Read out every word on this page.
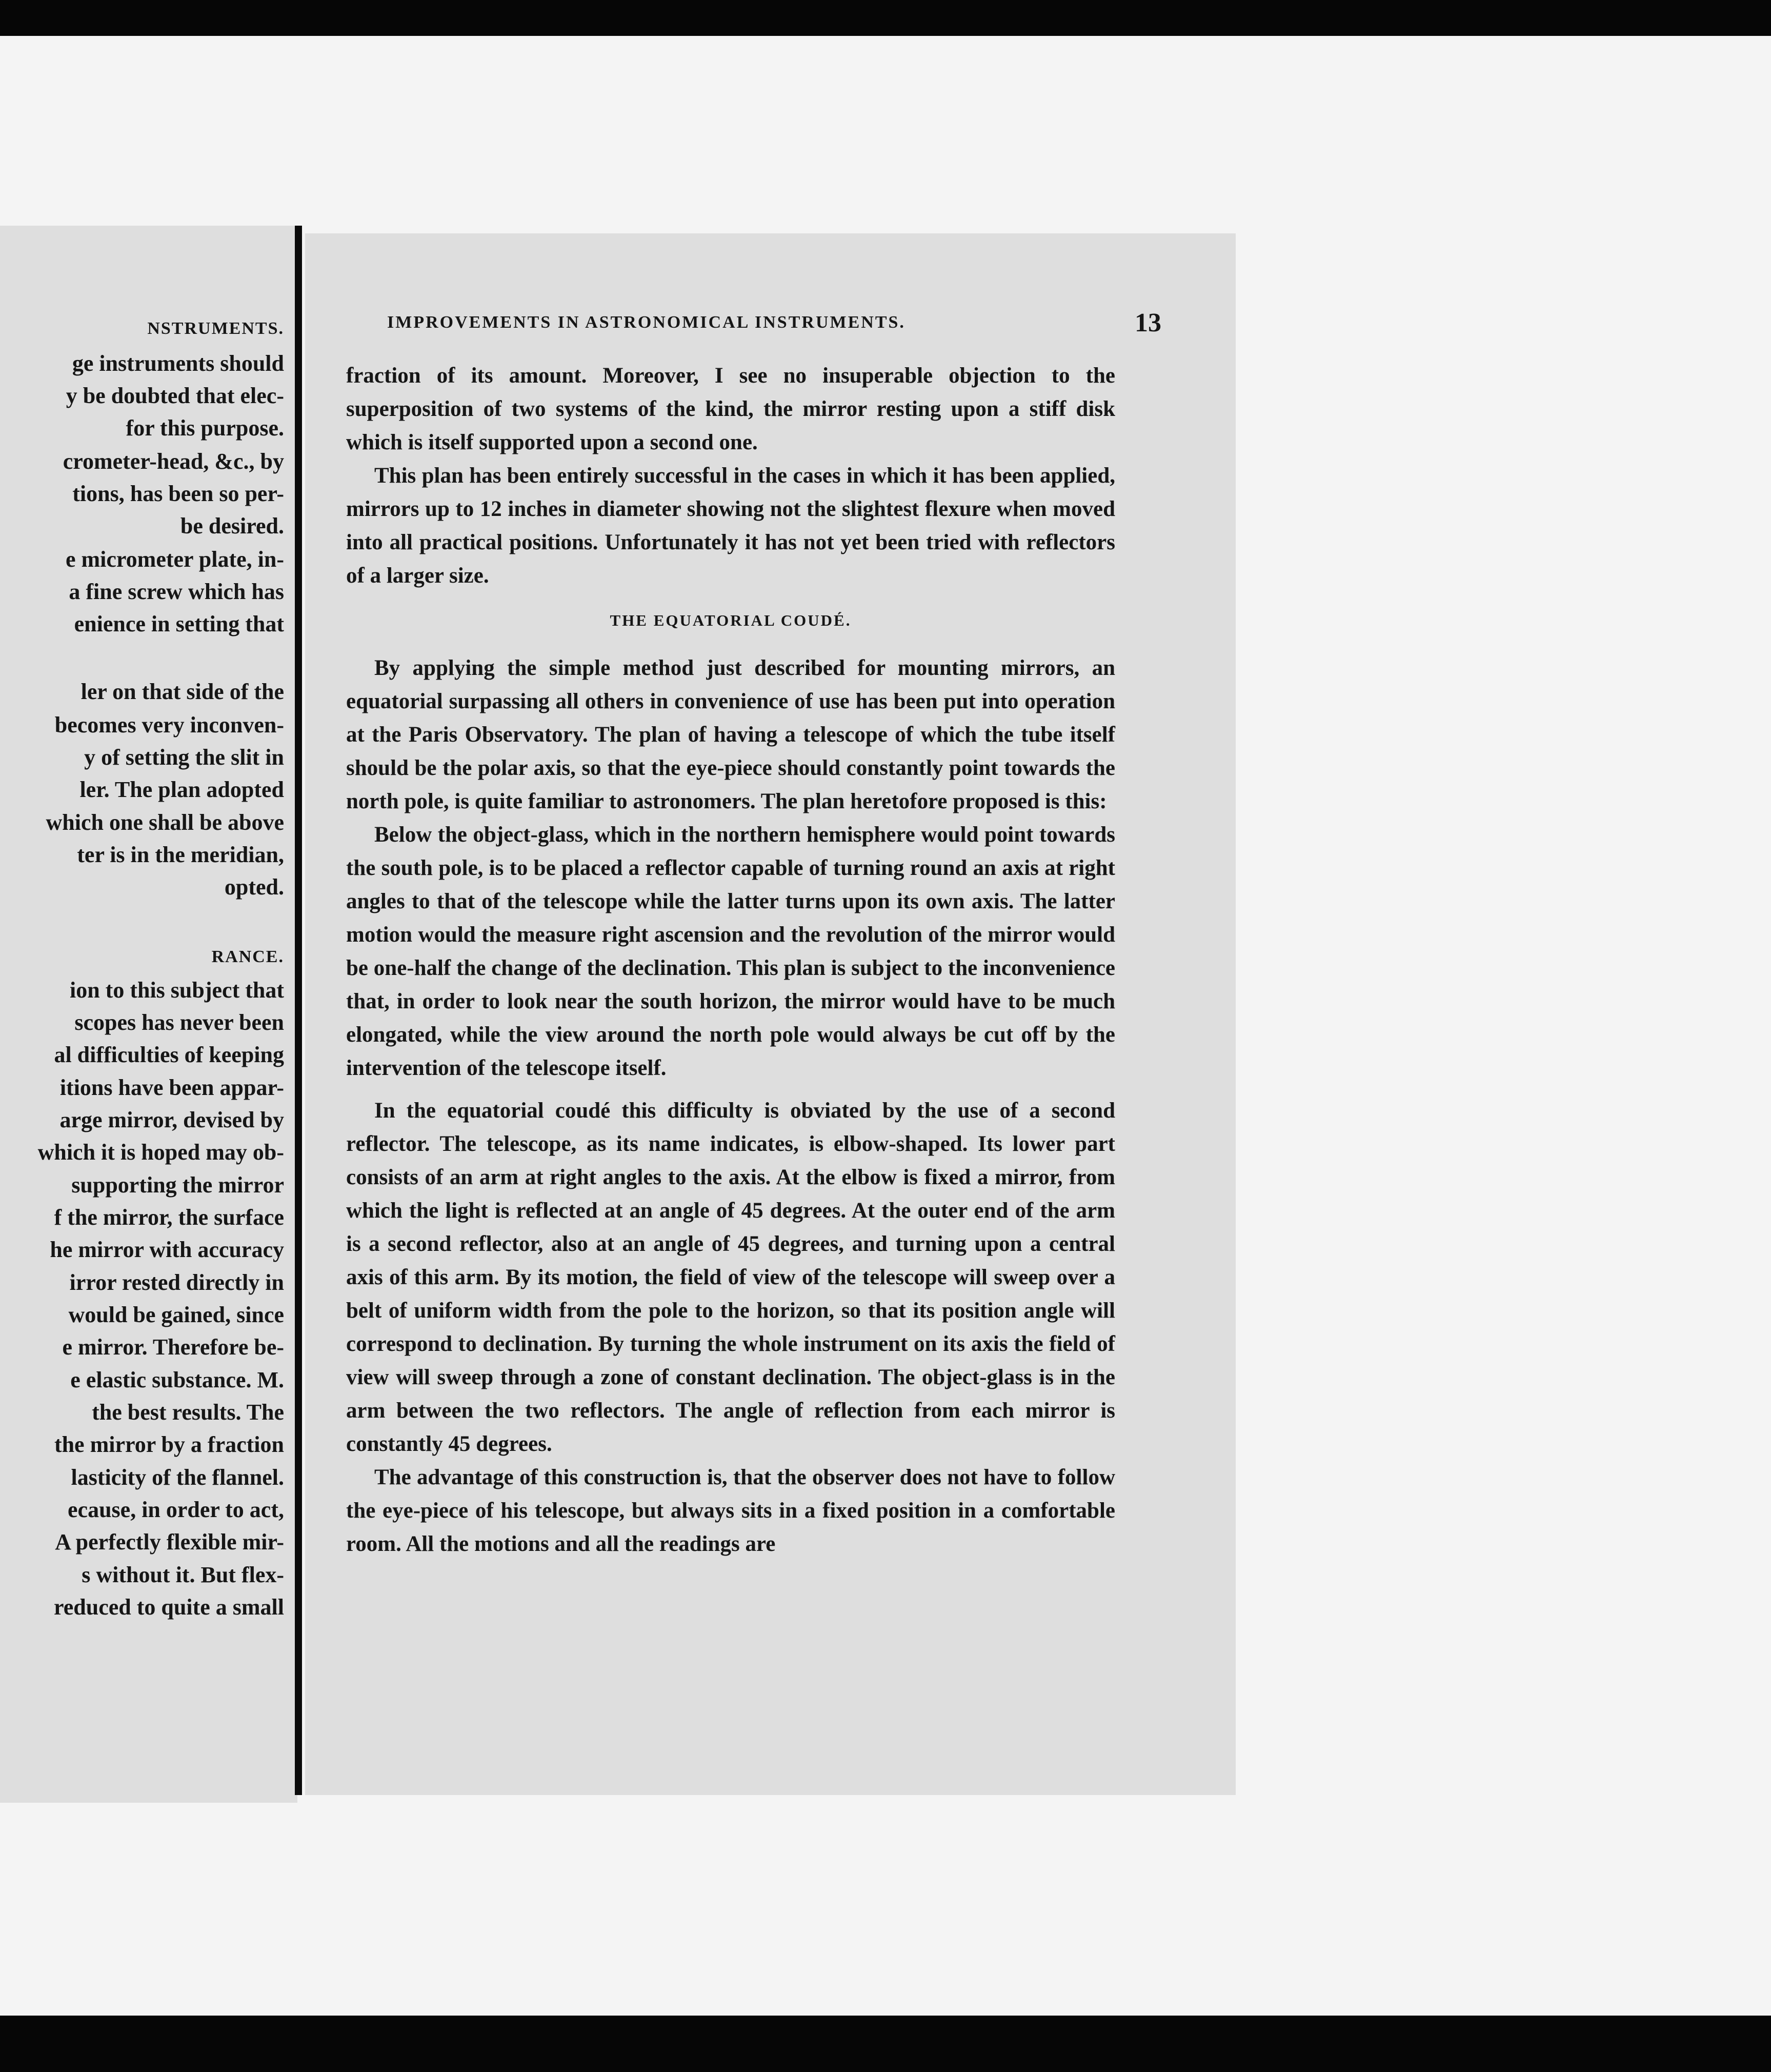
NSTRUMENTS.
ge instruments should
y be doubted that elec-
for this purpose.
crometer-head, &c., by
tions, has been so per-
be desired.
e micrometer plate, in-
a fine screw which has
enience in setting that
ler on that side of the
becomes very inconven-
y of setting the slit in
ler. The plan adopted
which one shall be above
ter is in the meridian,
opted.
RANCE.
ion to this subject that
scopes has never been
al difficulties of keeping
itions have been appar-
arge mirror, devised by
which it is hoped may ob-
supporting the mirror
f the mirror, the surface
he mirror with accuracy
irror rested directly in
would be gained, since
e mirror. Therefore be-
e elastic substance. M.
the best results. The
the mirror by a fraction
lasticity of the flannel.
ecause, in order to act,
A perfectly flexible mir-
s without it. But flex-
reduced to quite a small
IMPROVEMENTS IN ASTRONOMICAL INSTRUMENTS.	13

fraction of its amount. Moreover, I see no insuperable objection to the superposition of two systems of the kind, the mirror resting upon a stiff disk which is itself supported upon a second one.

This plan has been entirely successful in the cases in which it has been applied, mirrors up to 12 inches in diameter showing not the slightest flexure when moved into all practical positions. Unfortunately it has not yet been tried with reflectors of a larger size.

THE EQUATORIAL COUDÉ.

By applying the simple method just described for mounting mirrors, an equatorial surpassing all others in convenience of use has been put into operation at the Paris Observatory. The plan of having a telescope of which the tube itself should be the polar axis, so that the eye-piece should constantly point towards the north pole, is quite familiar to astronomers. The plan heretofore proposed is this:

Below the object-glass, which in the northern hemisphere would point towards the south pole, is to be placed a reflector capable of turning round an axis at right angles to that of the telescope while the latter turns upon its own axis. The latter motion would the measure right ascension and the revolution of the mirror would be one-half the change of the declination. This plan is subject to the inconvenience that, in order to look near the south horizon, the mirror would have to be much elongated, while the view around the north pole would always be cut off by the intervention of the telescope itself.

In the equatorial coudé this difficulty is obviated by the use of a second reflector. The telescope, as its name indicates, is elbow-shaped. Its lower part consists of an arm at right angles to the axis. At the elbow is fixed a mirror, from which the light is reflected at an angle of 45 degrees. At the outer end of the arm is a second reflector, also at an angle of 45 degrees, and turning upon a central axis of this arm. By its motion, the field of view of the telescope will sweep over a belt of uniform width from the pole to the horizon, so that its position angle will correspond to declination. By turning the whole instrument on its axis the field of view will sweep through a zone of constant declination. The object-glass is in the arm between the two reflectors. The angle of reflection from each mirror is constantly 45 degrees.

The advantage of this construction is, that the observer does not have to follow the eye-piece of his telescope, but always sits in a fixed position in a comfortable room. All the motions and all the readings are
